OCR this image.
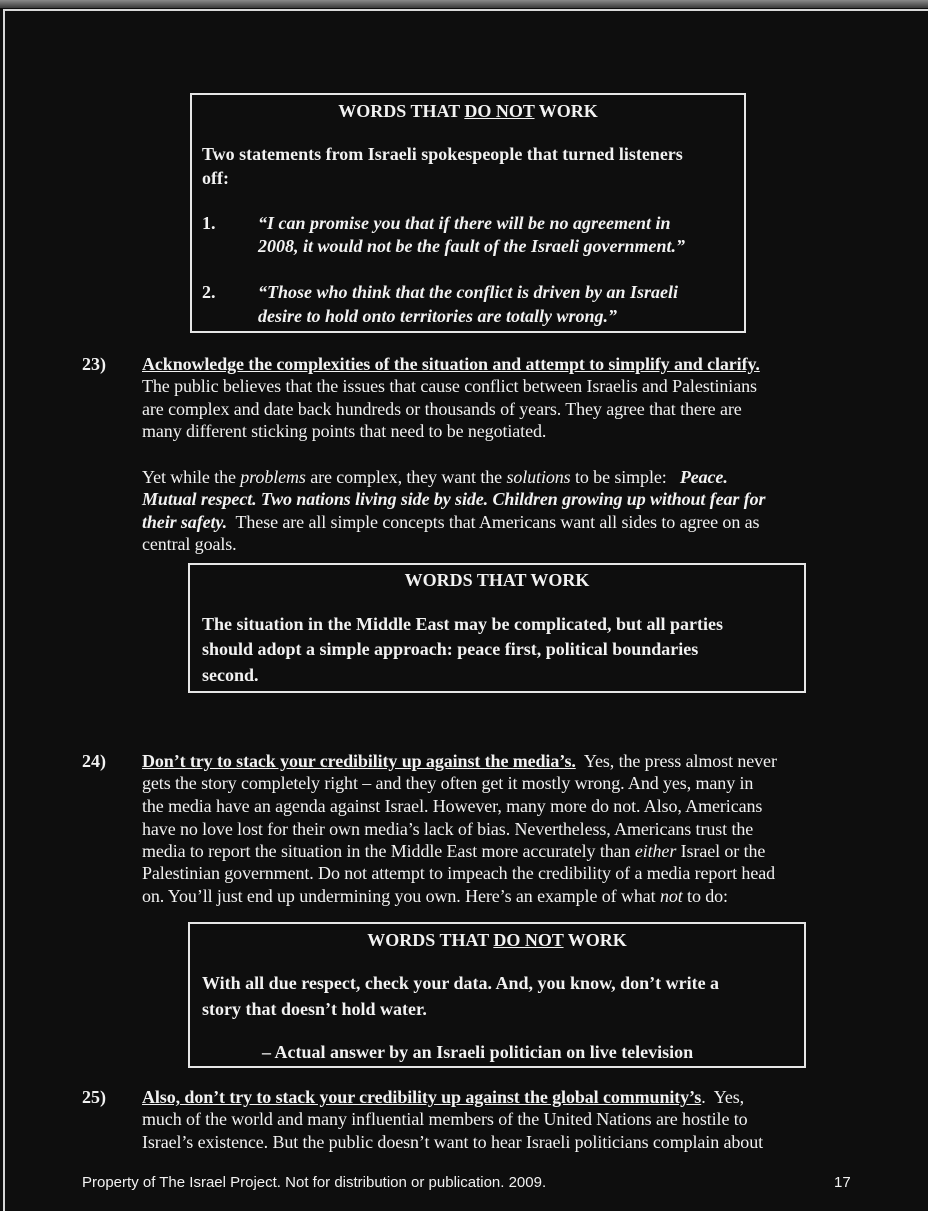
WORDS THAT DO NOT WORK
Two statements from Israeli spokespeople that turned listeners
off:
1. “I can promise you that if there will be no agreement in
2008, it would not be the fault of the Israeli government.”
2. “Those who think that the conflict is driven by an Israeli
desire to hold onto territories are totally wrong.”
23) Acknowledge the complexities of the situation and attempt to simplify and clarify.
The public believes that the issues that cause conflict between Israelis and Palestinians
are complex and date back hundreds or thousands of years. They agree that there are
many different sticking points that need to be negotiated.
Yet while the problems are complex, they want the solutions to be simple:   Peace.
Mutual respect. Two nations living side by side. Children growing up without fear for
their safety.  These are all simple concepts that Americans want all sides to agree on as
central goals.
WORDS THAT WORK
The situation in the Middle East may be complicated, but all parties
should adopt a simple approach: peace first, political boundaries
second.
24) Don’t try to stack your credibility up against the media’s.  Yes, the press almost never
gets the story completely right – and they often get it mostly wrong. And yes, many in
the media have an agenda against Israel. However, many more do not. Also, Americans
have no love lost for their own media’s lack of bias. Nevertheless, Americans trust the
media to report the situation in the Middle East more accurately than either Israel or the
Palestinian government. Do not attempt to impeach the credibility of a media report head
on. You’ll just end up undermining you own. Here’s an example of what not to do:
WORDS THAT DO NOT WORK
With all due respect, check your data. And, you know, don’t write a
story that doesn’t hold water.
– Actual answer by an Israeli politician on live television
25) Also, don’t try to stack your credibility up against the global community’s.  Yes,
much of the world and many influential members of the United Nations are hostile to
Israel’s existence. But the public doesn’t want to hear Israeli politicians complain about
Property of The Israel Project. Not for distribution or publication. 2009.	17
